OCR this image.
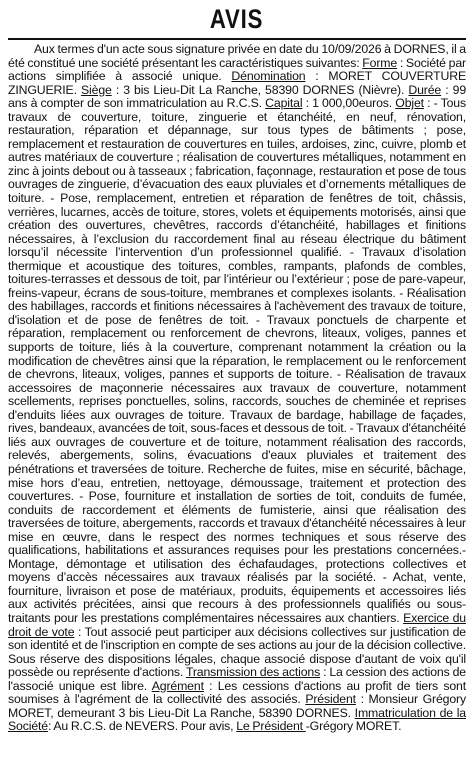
AVIS

Aux termes d'un acte sous signature privée en date du 10/09/2026 à DORNES, il a été constitué une société présentant les caractéristiques suivantes: Forme : Société par actions simplifiée à associé unique. Dénomination : MORET COUVERTURE ZINGUERIE. Siège : 3 bis Lieu-Dit La Ranche, 58390 DORNES (Nièvre). Durée : 99 ans à compter de son immatriculation au R.C.S. Capital : 1 000,00euros. Objet : - Tous travaux de couverture, toiture, zinguerie et étanchéité, en neuf, rénovation, restauration, réparation et dépannage, sur tous types de bâtiments ; pose, remplacement et restauration de couvertures en tuiles, ardoises, zinc, cuivre, plomb et autres matériaux de couverture ; réalisation de couvertures métalliques, notamment en zinc à joints debout ou à tasseaux ; fabrication, façonnage, restauration et pose de tous ouvrages de zinguerie, d’évacuation des eaux pluviales et d’ornements métalliques de toiture. - Pose, remplacement, entretien et réparation de fenêtres de toit, châssis, verrières, lucarnes, accès de toiture, stores, volets et équipements motorisés, ainsi que création des ouvertures, chevêtres, raccords d’étanchéité, habillages et finitions nécessaires, à l’exclusion du raccordement final au réseau électrique du bâtiment lorsqu’il nécessite l’intervention d’un professionnel qualifié. - Travaux d’isolation thermique et acoustique des toitures, combles, rampants, plafonds de combles, toitures-terrasses et dessous de toit, par l’intérieur ou l’extérieur ; pose de pare-vapeur, freins-vapeur, écrans de sous-toiture, membranes et complexes isolants. - Réalisation des habillages, raccords et finitions nécessaires à l'achèvement des travaux de toiture, d'isolation et de pose de fenêtres de toit. - Travaux ponctuels de charpente et réparation, remplacement ou renforcement de chevrons, liteaux, voliges, pannes et supports de toiture, liés à la couverture, comprenant notamment la création ou la modification de chevêtres ainsi que la réparation, le remplacement ou le renforcement de chevrons, liteaux, voliges, pannes et supports de toiture. - Réalisation de travaux accessoires de maçonnerie nécessaires aux travaux de couverture, notamment scellements, reprises ponctuelles, solins, raccords, souches de cheminée et reprises d'enduits liées aux ouvrages de toiture. Travaux de bardage, habillage de façades, rives, bandeaux, avancées de toit, sous-faces et dessous de toit. - Travaux d'étanchéité liés aux ouvrages de couverture et de toiture, notamment réalisation des raccords, relevés, abergements, solins, évacuations d'eaux pluviales et traitement des pénétrations et traversées de toiture. Recherche de fuites, mise en sécurité, bâchage, mise hors d’eau, entretien, nettoyage, démoussage, traitement et protection des couvertures. - Pose, fourniture et installation de sorties de toit, conduits de fumée, conduits de raccordement et éléments de fumisterie, ainsi que réalisation des traversées de toiture, abergements, raccords et travaux d'étanchéité nécessaires à leur mise en œuvre, dans le respect des normes techniques et sous réserve des qualifications, habilitations et assurances requises pour les prestations concernées.- Montage, démontage et utilisation des échafaudages, protections collectives et moyens d’accès nécessaires aux travaux réalisés par la société. - Achat, vente, fourniture, livraison et pose de matériaux, produits, équipements et accessoires liés aux activités précitées, ainsi que recours à des professionnels qualifiés ou sous-traitants pour les prestations complémentaires nécessaires aux chantiers. Exercice du droit de vote : Tout associé peut participer aux décisions collectives sur justification de son identité et de l'inscription en compte de ses actions au jour de la décision collective. Sous réserve des dispositions légales, chaque associé dispose d'autant de voix qu'il possède ou représente d'actions. Transmission des actions : La cession des actions de l'associé unique est libre. Agrément : Les cessions d'actions au profit de tiers sont soumises à l'agrément de la collectivité des associés. Président : Monsieur Grégory MORET, demeurant 3 bis Lieu-Dit La Ranche, 58390 DORNES. Immatriculation de la Société: Au R.C.S. de NEVERS. Pour avis, Le Président -Grégory MORET.
